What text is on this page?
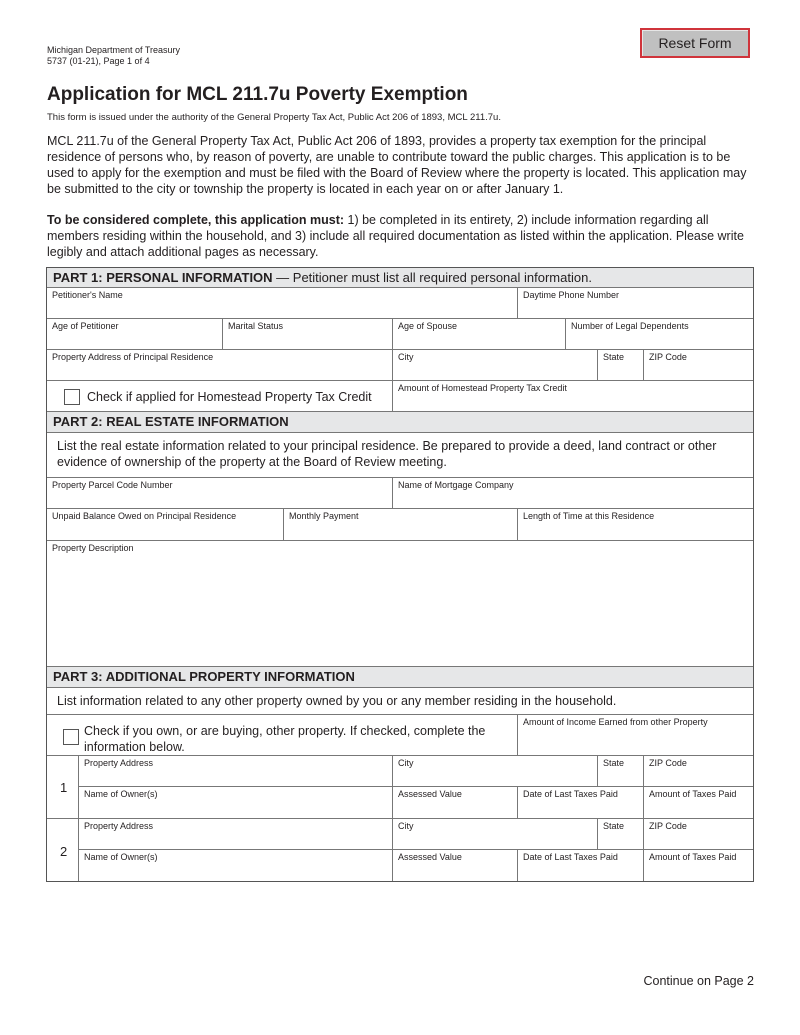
Michigan Department of Treasury
5737 (01-21), Page 1 of 4
Reset Form
Application for MCL 211.7u Poverty Exemption
This form is issued under the authority of the General Property Tax Act, Public Act 206 of 1893, MCL 211.7u.
MCL 211.7u of the General Property Tax Act, Public Act 206 of 1893, provides a property tax exemption for the principal residence of persons who, by reason of poverty, are unable to contribute toward the public charges. This application is to be used to apply for the exemption and must be filed with the Board of Review where the property is located. This application may be submitted to the city or township the property is located in each year on or after January 1.
To be considered complete, this application must: 1) be completed in its entirety, 2) include information regarding all members residing within the household, and 3) include all required documentation as listed within the application. Please write legibly and attach additional pages as necessary.
PART 1: PERSONAL INFORMATION — Petitioner must list all required personal information.
Petitioner's Name	Daytime Phone Number
Age of Petitioner	Marital Status	Age of Spouse	Number of Legal Dependents
Property Address of Principal Residence	City	State	ZIP Code
Check if applied for Homestead Property Tax Credit
Amount of Homestead Property Tax Credit
PART 2: REAL ESTATE INFORMATION
List the real estate information related to your principal residence. Be prepared to provide a deed, land contract or other evidence of ownership of the property at the Board of Review meeting.
Property Parcel Code Number	Name of Mortgage Company
Unpaid Balance Owed on Principal Residence	Monthly Payment	Length of Time at this Residence
Property Description
PART 3: ADDITIONAL PROPERTY INFORMATION
List information related to any other property owned by you or any member residing in the household.
Check if you own, or are buying, other property. If checked, complete the information below.
Amount of Income Earned from other Property
1
Property Address	City	State	ZIP Code
Name of Owner(s)	Assessed Value	Date of Last Taxes Paid	Amount of Taxes Paid
2
Property Address	City	State	ZIP Code
Name of Owner(s)	Assessed Value	Date of Last Taxes Paid	Amount of Taxes Paid
Continue on Page 2
